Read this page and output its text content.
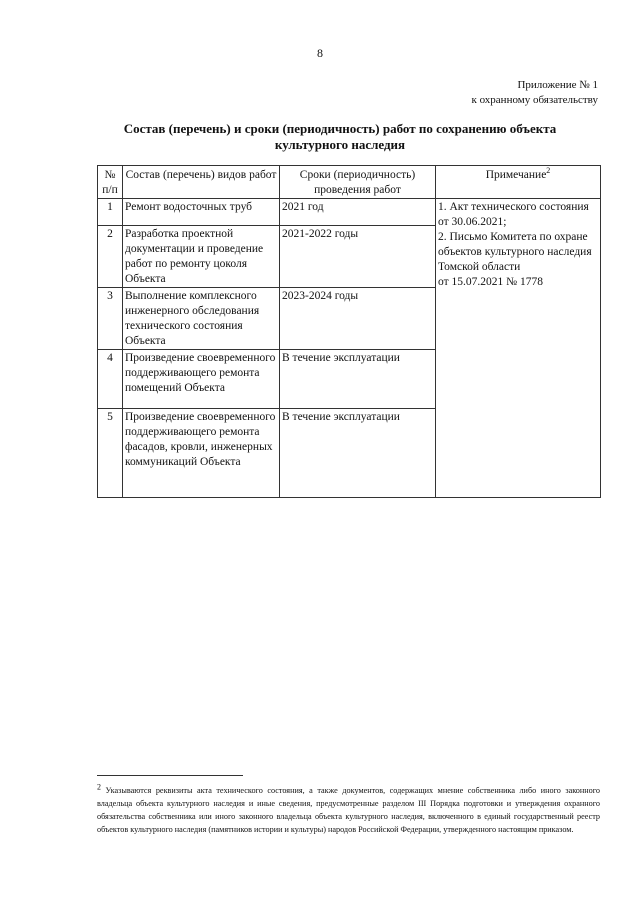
8
Приложение № 1
к охранному обязательству
Состав (перечень) и сроки (периодичность) работ по сохранению объекта
культурного наследия
№ п/п	Состав (перечень) видов работ	Сроки (периодичность) проведения работ	Примечание$^2$
1	Ремонт водосточных труб	2021 год	1. Акт технического состояния от 30.06.2021;
2. Письмо Комитета по охране объектов культурного наследия Томской области
от 15.07.2021 № 1778

2	Разработка проектной документации и проведение работ по ремонту цоколя Объекта	2021-2022 годы	
3	Выполнение комплексного инженерного обследования технического состояния Объекта	2023-2024 годы	
4	Произведение своевременного поддерживающего ремонта помещений Объекта	В течение эксплуатации	
5	Произведение своевременного поддерживающего ремонта фасадов, кровли, инженерных коммуникаций Объекта	В течение эксплуатации	
$^2$ Указываются реквизиты акта технического состояния, а также документов, содержащих мнение собственника либо иного законного владельца объекта культурного наследия и иные сведения, предусмотренные разделом III Порядка подготовки и утверждения охранного обязательства собственника или иного законного владельца объекта культурного наследия, включенного в единый государственный реестр объектов культурного наследия (памятников истории и культуры) народов Российской Федерации, утвержденного настоящим приказом.
